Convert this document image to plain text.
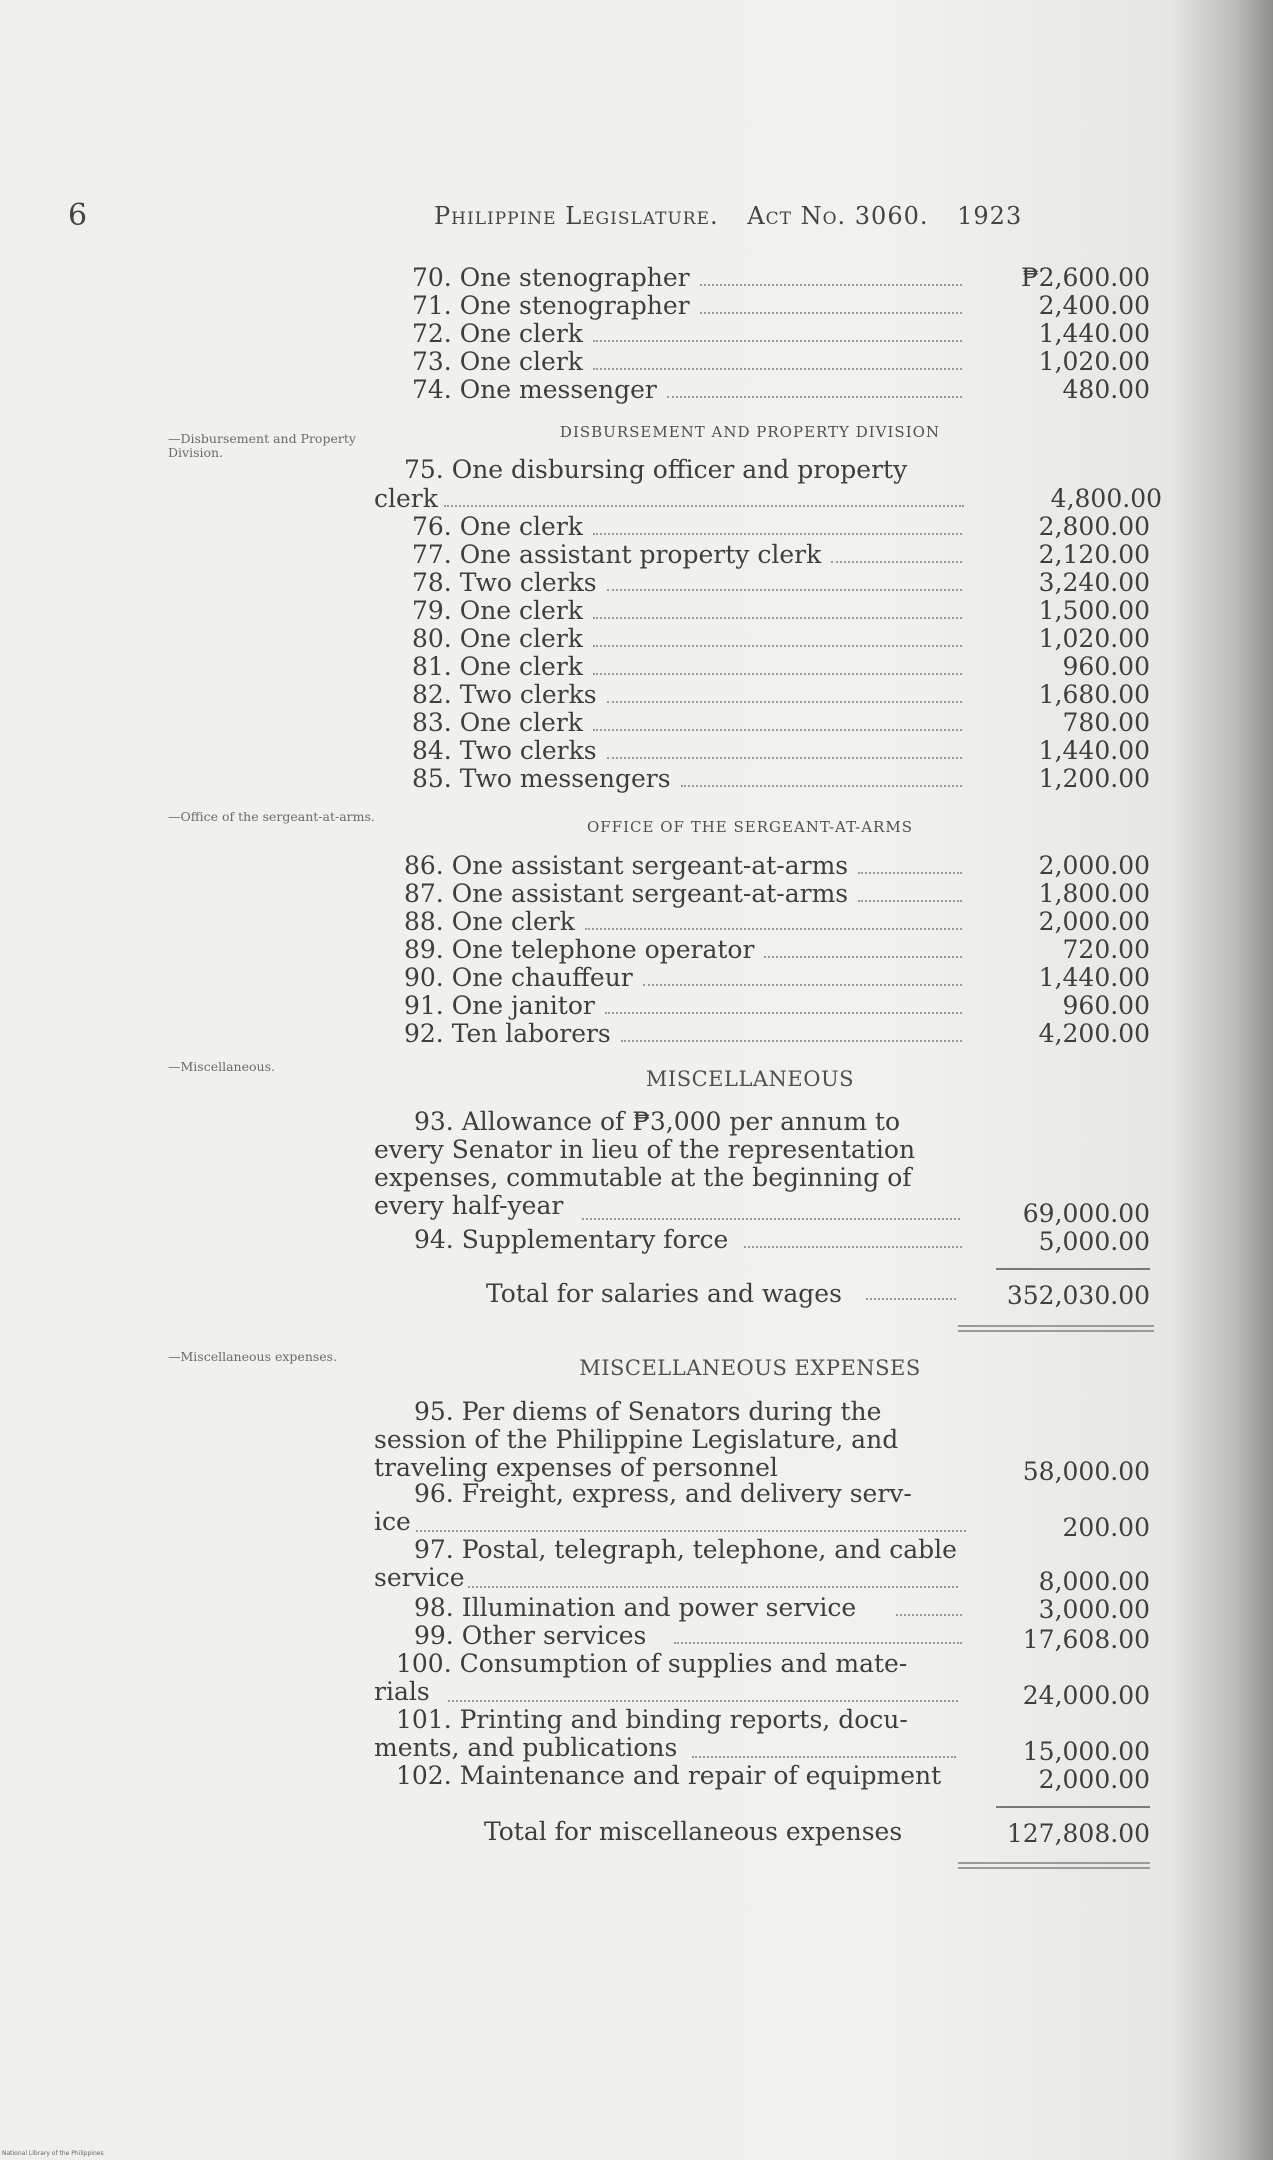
6	Philippine Legislature. Act No. 3060. 1923
70. One stenographer	₱2,600.00
71. One stenographer	2,400.00
72. One clerk	1,440.00
73. One clerk	1,020.00
74. One messenger	480.00
—Disbursement and Property Division.
DISBURSEMENT AND PROPERTY DIVISION
75. One disbursing officer and property
clerk	4,800.00
76. One clerk	2,800.00
77. One assistant property clerk	2,120.00
78. Two clerks	3,240.00
79. One clerk	1,500.00
80. One clerk	1,020.00
81. One clerk	960.00
82. Two clerks	1,680.00
83. One clerk	780.00
84. Two clerks	1,440.00
85. Two messengers	1,200.00
—Office of the sergeant-at-arms.
OFFICE OF THE SERGEANT-AT-ARMS
86. One assistant sergeant-at-arms	2,000.00
87. One assistant sergeant-at-arms	1,800.00
88. One clerk	2,000.00
89. One telephone operator	720.00
90. One chauffeur	1,440.00
91. One janitor	960.00
92. Ten laborers	4,200.00
—Miscellaneous.
MISCELLANEOUS
93. Allowance of ₱3,000 per annum to
every Senator in lieu of the representation
expenses, commutable at the beginning of
every half-year	69,000.00
94. Supplementary force	5,000.00
Total for salaries and wages	352,030.00
—Miscellaneous expenses.	MISCELLANEOUS EXPENSES
95. Per diems of Senators during the
session of the Philippine Legislature, and
traveling expenses of personnel	58,000.00
96. Freight, express, and delivery serv-
ice	200.00
97. Postal, telegraph, telephone, and cable
service	8,000.00
98. Illumination and power service	3,000.00
99. Other services	17,608.00
100. Consumption of supplies and mate-
rials	24,000.00
101. Printing and binding reports, docu-
ments, and publications	15,000.00
102. Maintenance and repair of equipment	2,000.00
Total for miscellaneous expenses	127,808.00
National Library of the Philippines
